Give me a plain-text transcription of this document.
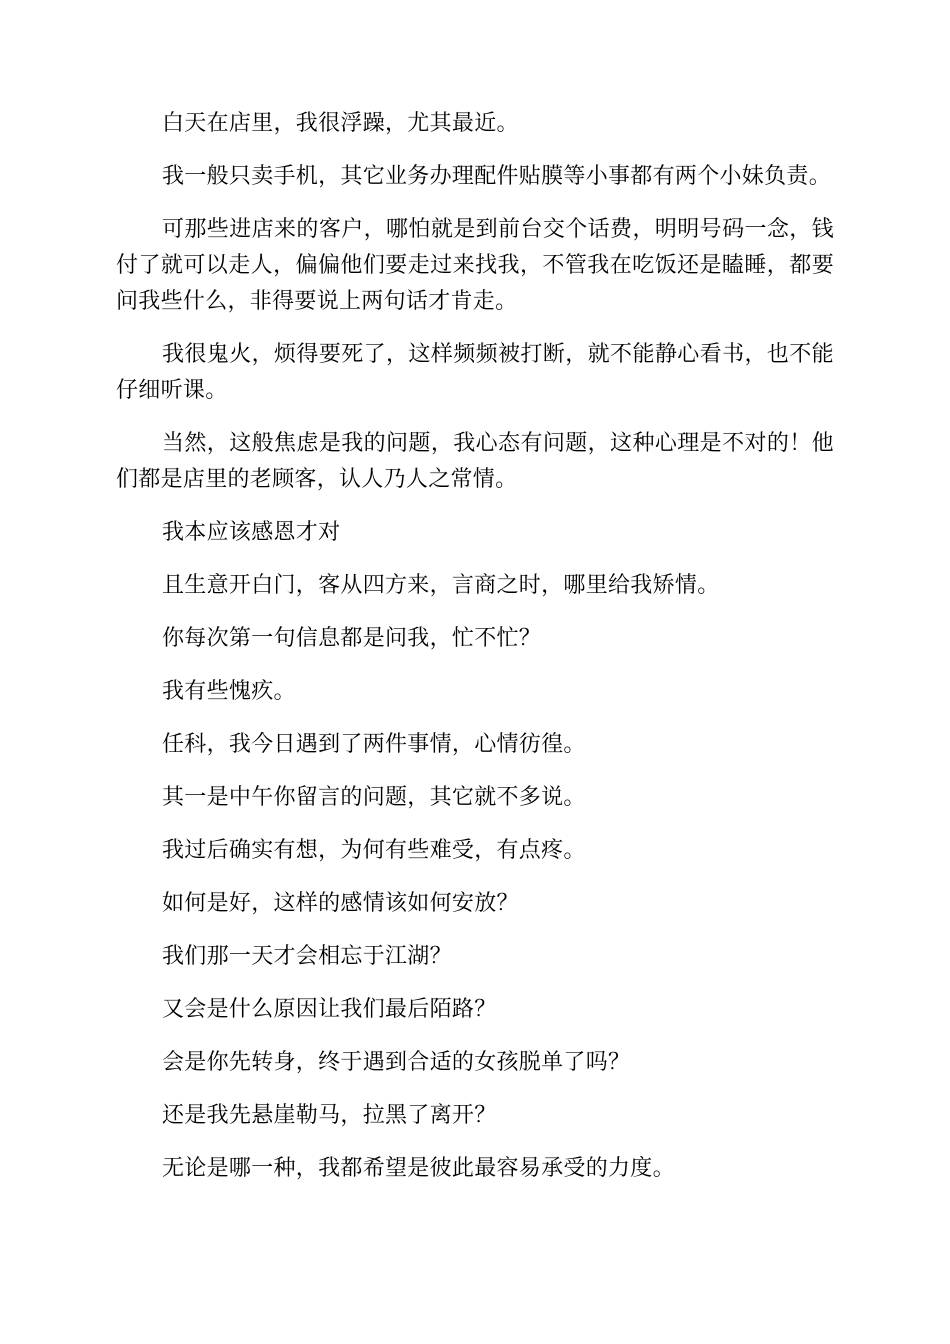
白天在店里，我很浮躁，尤其最近。

我一般只卖手机，其它业务办理配件贴膜等小事都有两个小妹负责。

可那些进店来的客户，哪怕就是到前台交个话费，明明号码一念，钱付了就可以走人，偏偏他们要走过来找我，不管我在吃饭还是瞌睡，都要问我些什么，非得要说上两句话才肯走。

我很鬼火，烦得要死了，这样频频被打断，就不能静心看书，也不能仔细听课。

当然，这般焦虑是我的问题，我心态有问题，这种心理是不对的！他们都是店里的老顾客，认人乃人之常情。

我本应该感恩才对

且生意开白门，客从四方来，言商之时，哪里给我矫情。

你每次第一句信息都是问我，忙不忙？

我有些愧疚。

任科，我今日遇到了两件事情，心情彷徨。

其一是中午你留言的问题，其它就不多说。

我过后确实有想，为何有些难受，有点疼。

如何是好，这样的感情该如何安放？

我们那一天才会相忘于江湖？

又会是什么原因让我们最后陌路？

会是你先转身，终于遇到合适的女孩脱单了吗？

还是我先悬崖勒马，拉黑了离开？

无论是哪一种，我都希望是彼此最容易承受的力度。
